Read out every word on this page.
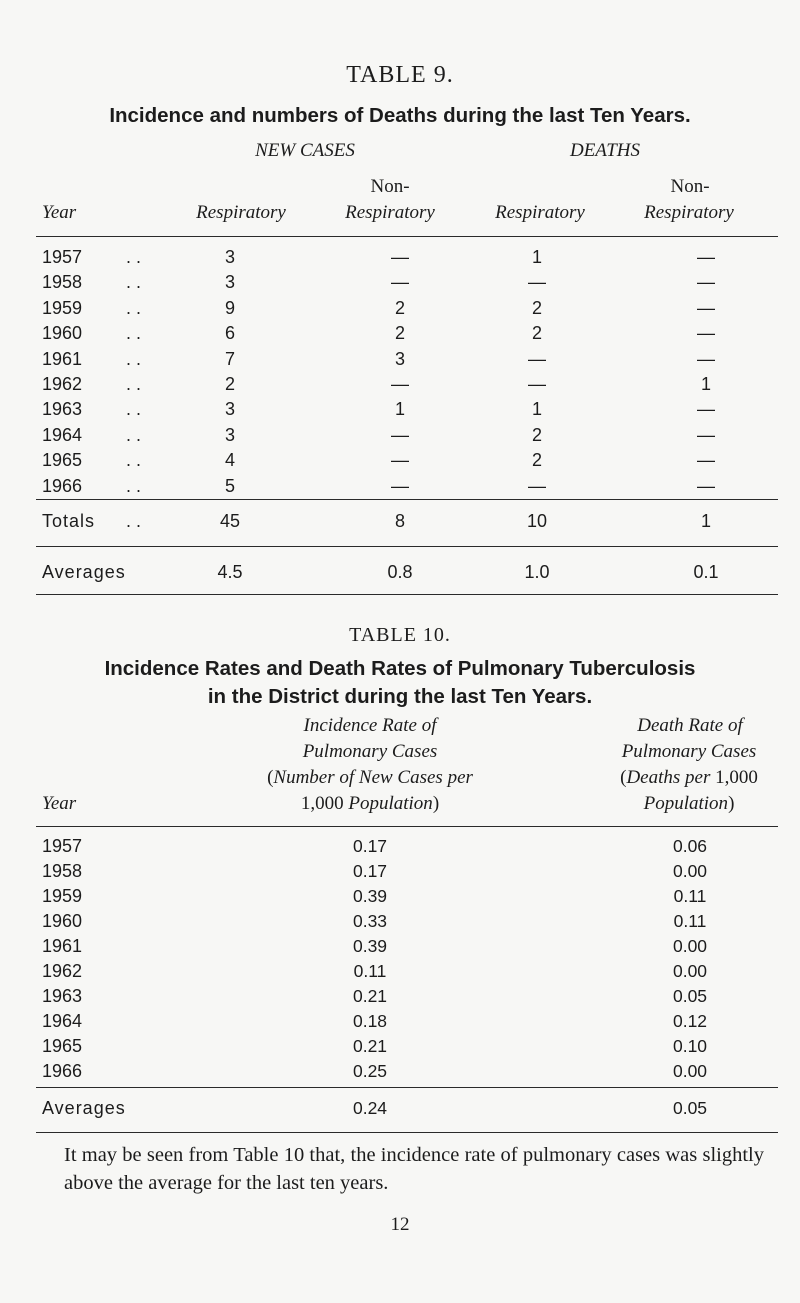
TABLE 9.
Incidence and numbers of Deaths during the last Ten Years.
NEW CASES	DEATHS
Non-	Non-
Year	Respiratory	Respiratory	Respiratory	Respiratory
1957 . .	3	—	1	—
1958 . .	3	—	—	—
1959 . .	9	2	2	—
1960 . .	6	2	2	—
1961 . .	7	3	—	—
1962 . .	2	—	—	1
1963 . .	3	1	1	—
1964 . .	3	—	2	—
1965 . .	4	—	2	—
1966 . .	5	—	—	—
Totals . .	45	8	10	1
Averages	4.5	0.8	1.0	0.1
TABLE 10.
Incidence Rates and Death Rates of Pulmonary Tuberculosis
in the District during the last Ten Years.
Incidence Rate of
Pulmonary Cases
(Number of New Cases per
1,000 Population)
Death Rate of
Pulmonary Cases
(Deaths per 1,000
Population)
Year
1957	0.17	0.06
1958	0.17	0.00
1959	0.39	0.11
1960	0.33	0.11
1961	0.39	0.00
1962	0.11	0.00
1963	0.21	0.05
1964	0.18	0.12
1965	0.21	0.10
1966	0.25	0.00
Averages	0.24	0.05
It may be seen from Table 10 that, the incidence rate of pulmonary cases was slightly above the average for the last ten years.
12
